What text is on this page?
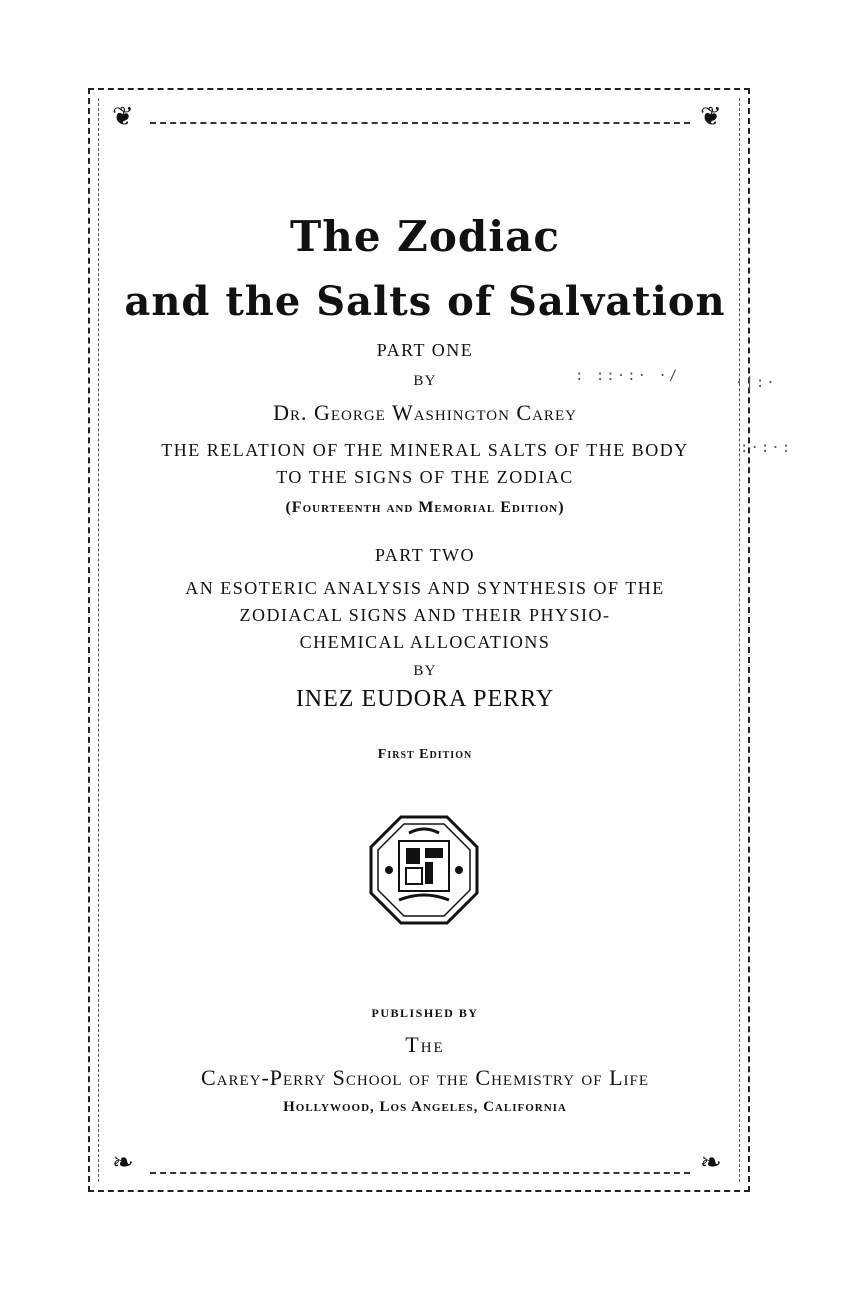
❦	❦
❧	❧
The Zodiac
and the Salts of Salvation
PART ONE
BY
Dr. George Washington Carey
THE RELATION OF THE MINERAL SALTS OF THE BODY
TO THE SIGNS OF THE ZODIAC
(Fourteenth and Memorial Edition)
PART TWO
AN ESOTERIC ANALYSIS AND SYNTHESIS OF THE
ZODIACAL SIGNS AND THEIR PHYSIO-
CHEMICAL ALLOCATIONS
BY
INEZ EUDORA PERRY
First Edition
PUBLISHED BY
The
Carey-Perry School of the Chemistry of Life
Hollywood, Los Angeles, California
: ::·:· ·/	·|:·
:·:·:
